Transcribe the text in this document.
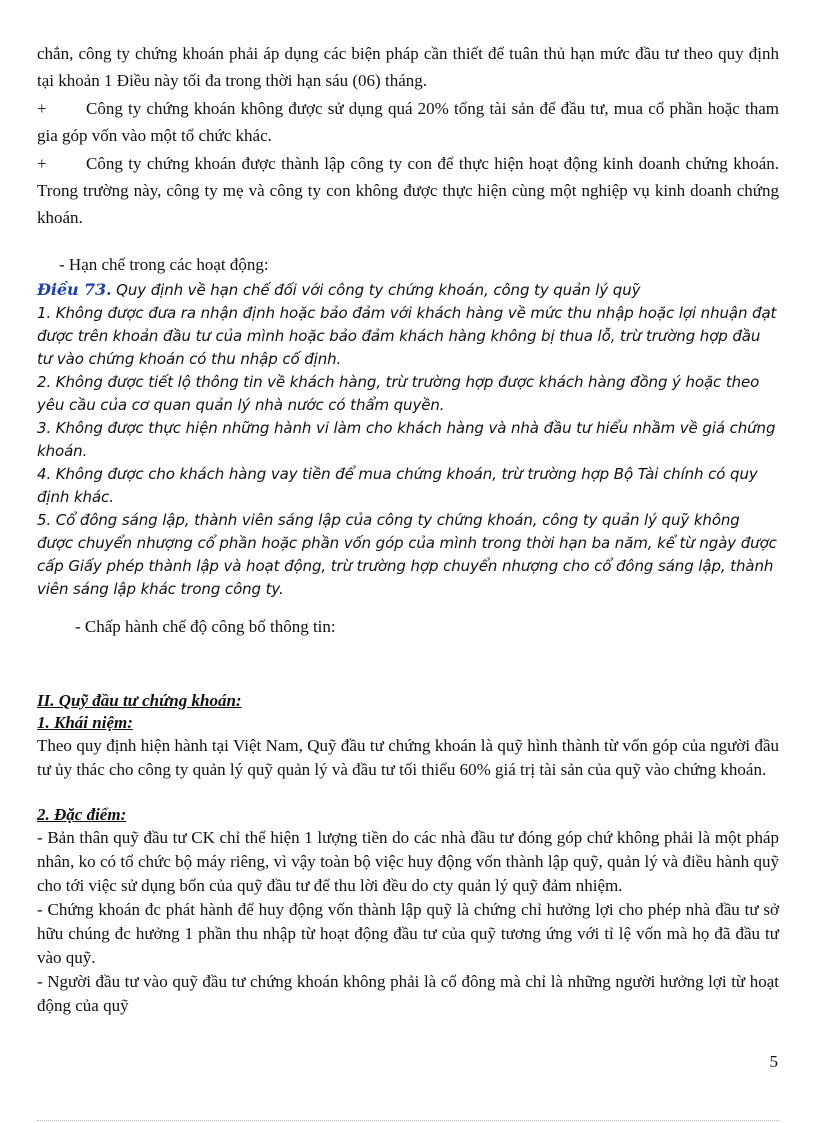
chắn, công ty chứng khoán phải áp dụng các biện pháp cần thiết để tuân thủ hạn mức đầu tư theo quy định tại khoản 1 Điều này tối đa trong thời hạn sáu (06) tháng.

+	Công ty chứng khoán không được sử dụng quá 20% tổng tài sản để đầu tư, mua cổ phần hoặc tham gia góp vốn vào một tổ chức khác.
+	Công ty chứng khoán được thành lập công ty con để thực hiện hoạt động kinh doanh chứng khoán. Trong trường này, công ty mẹ và công ty con không được thực hiện cùng một nghiệp vụ kinh doanh chứng khoán.

- Hạn chế trong các hoạt động:

Điều 73. Quy định về hạn chế đối với công ty chứng khoán, công ty quản lý quỹ

1. Không được đưa ra nhận định hoặc bảo đảm với khách hàng về mức thu nhập hoặc lợi nhuận đạt được trên khoản đầu tư của mình hoặc bảo đảm khách hàng không bị thua lỗ, trừ trường hợp đầu tư vào chứng khoán có thu nhập cố định.

2. Không được tiết lộ thông tin về khách hàng, trừ trường hợp được khách hàng đồng ý hoặc theo yêu cầu của cơ quan quản lý nhà nước có thẩm quyền.

3. Không được thực hiện những hành vi làm cho khách hàng và nhà đầu tư hiểu nhầm về giá chứng khoán.

4. Không được cho khách hàng vay tiền để mua chứng khoán, trừ trường hợp Bộ Tài chính có quy định khác.

5. Cổ đông sáng lập, thành viên sáng lập của công ty chứng khoán, công ty quản lý quỹ không được chuyển nhượng cổ phần hoặc phần vốn góp của mình trong thời hạn ba năm, kể từ ngày được cấp Giấy phép thành lập và hoạt động, trừ trường hợp chuyển nhượng cho cổ đông sáng lập, thành viên sáng lập khác trong công ty.

- Chấp hành chế độ công bố thông tin:

II. Quỹ đầu tư chứng khoán:

1. Khái niệm:

Theo quy định hiện hành tại Việt Nam, Quỹ đầu tư chứng khoán là quỹ hình thành từ vốn góp của người đầu tư ủy thác cho công ty quản lý quỹ quản lý và đầu tư tối thiểu 60% giá trị tài sản của quỹ vào chứng khoán.

2. Đặc điểm:

- Bản thân quỹ đầu tư CK chỉ thể hiện 1 lượng tiền do các nhà đầu tư đóng góp chứ không phải là một pháp nhân, ko có tổ chức bộ máy riêng, vì vậy toàn bộ việc huy động vốn thành lập quỹ, quản lý và điều hành quỹ cho tới việc sử dụng bốn của quỹ đầu tư để thu lời đều do cty quản lý quỹ đảm nhiệm.

- Chứng khoán đc phát hành để huy động vốn thành lập quỹ là chứng chỉ hưởng lợi cho phép nhà đầu tư sở hữu chúng đc hưởng 1 phần thu nhập từ hoạt động đầu tư của quỹ tương ứng với tỉ lệ vốn mà họ đã đầu tư vào quỹ.

- Người đầu tư vào quỹ đầu tư chứng khoán không phải là cổ đông mà chỉ là những người hưởng lợi từ hoạt động của quỹ

5
